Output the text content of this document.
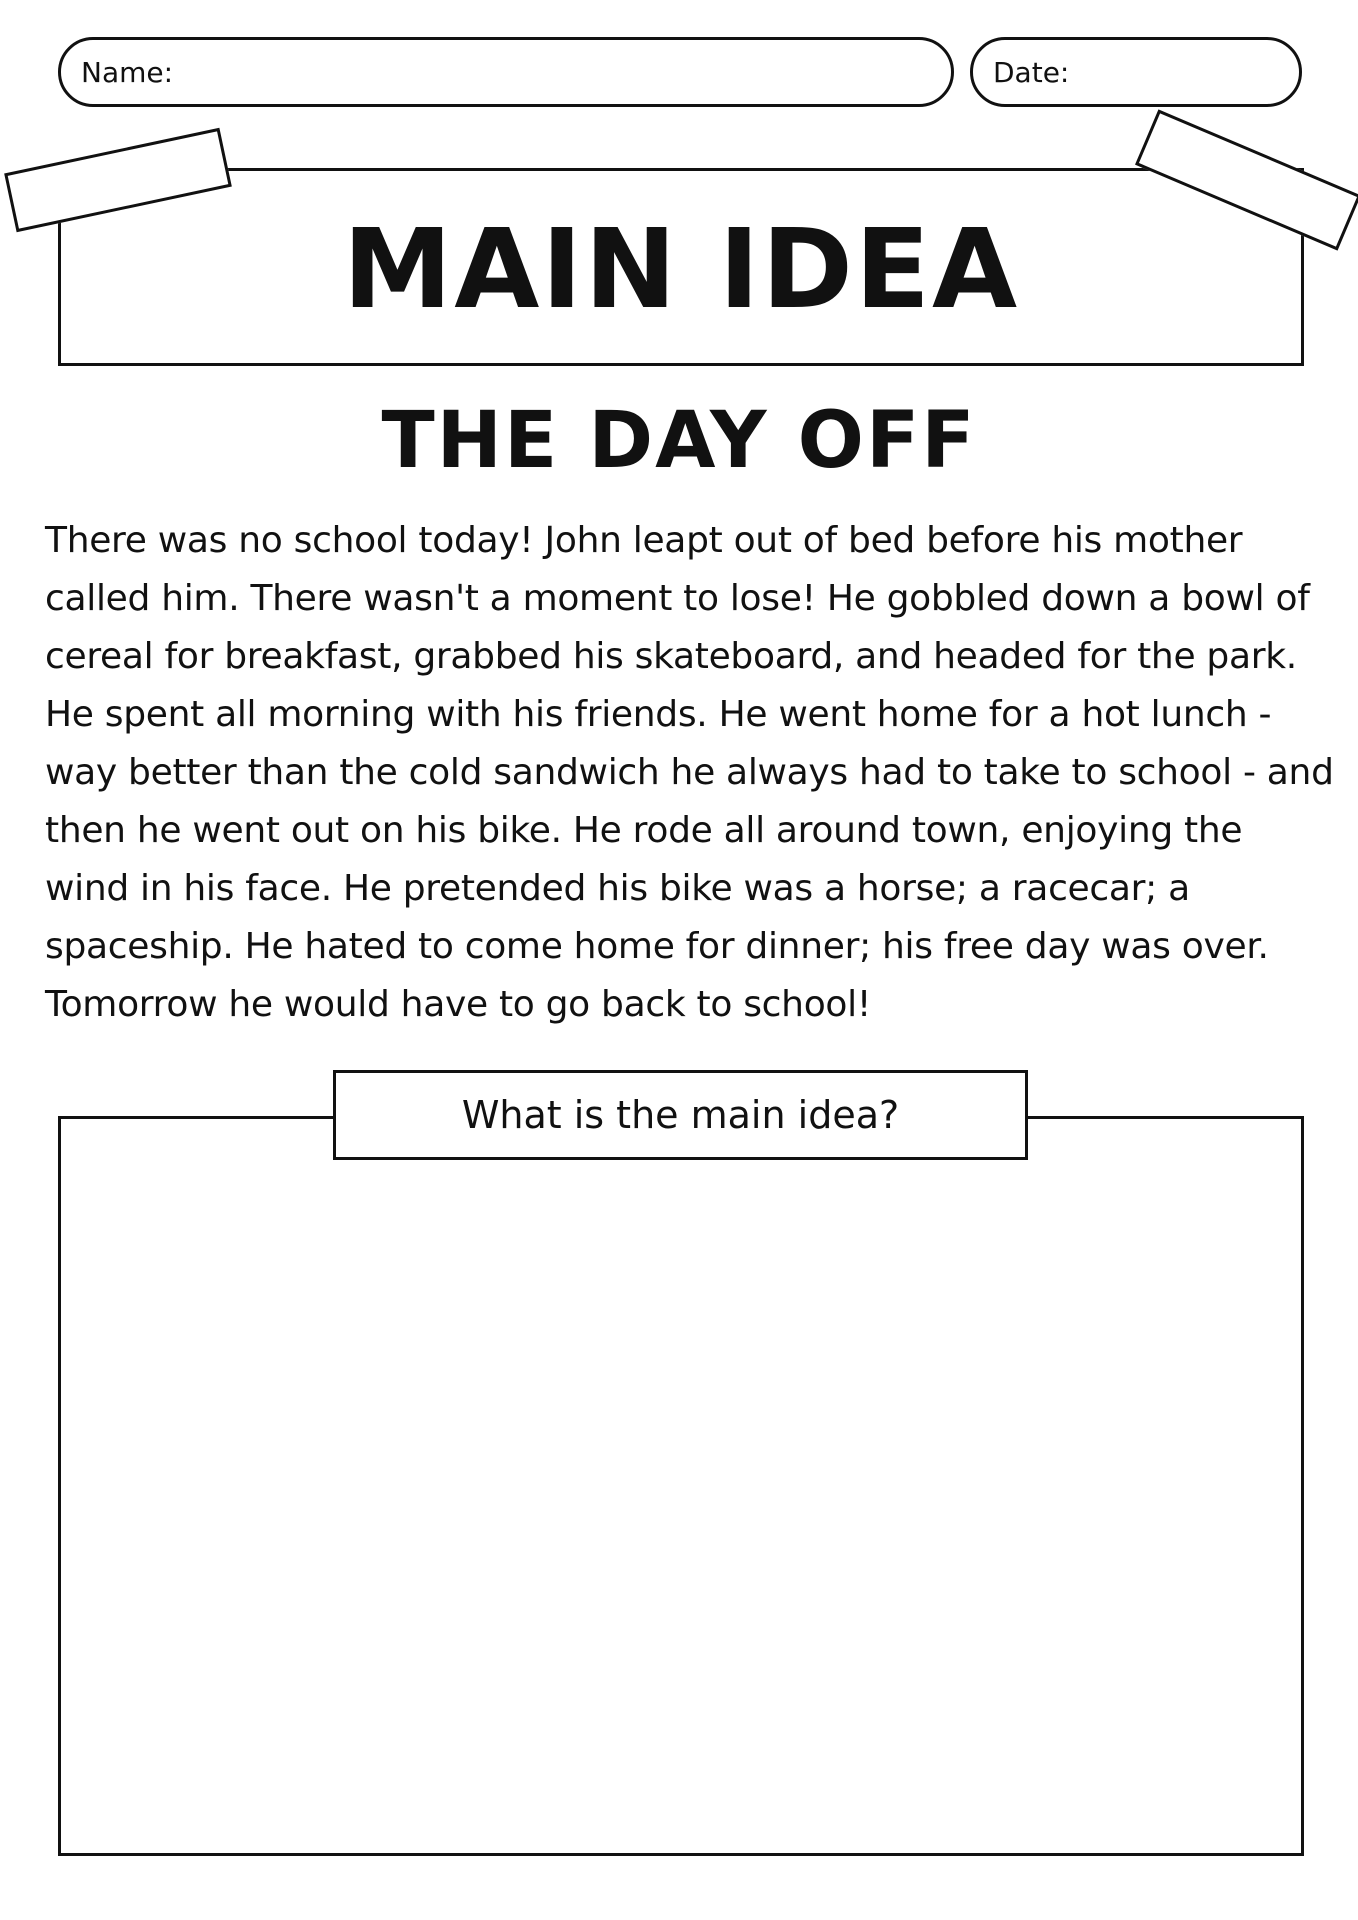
Name:	Date:
MAIN IDEA
THE DAY OFF

There was no school today! John leapt out of bed before his mother called him. There wasn't a moment to lose! He gobbled down a bowl of cereal for breakfast, grabbed his skateboard, and headed for the park. He spent all morning with his friends. He went home for a hot lunch - way better than the cold sandwich he always had to take to school - and then he went out on his bike. He rode all around town, enjoying the wind in his face. He pretended his bike was a horse; a racecar; a spaceship. He hated to come home for dinner; his free day was over. Tomorrow he would have to go back to school!

What is the main idea?
